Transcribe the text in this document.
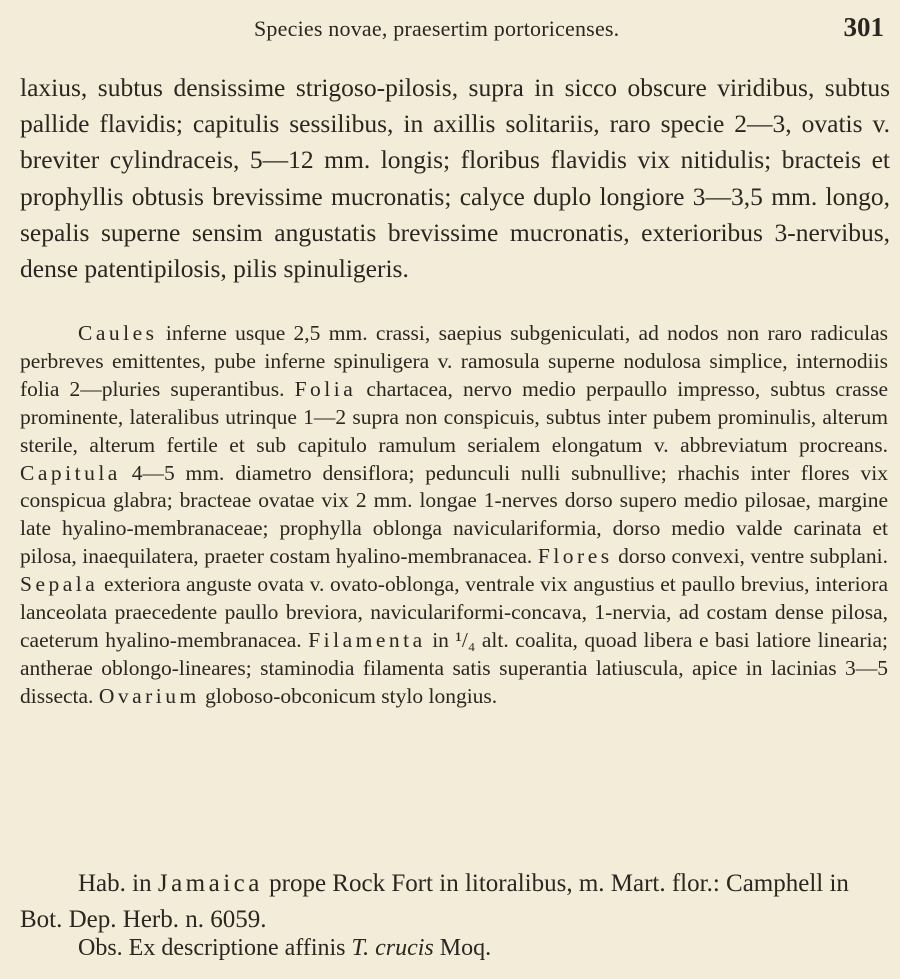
Species novae, praesertim portoricenses.	301
laxius, subtus densissime strigoso-pilosis, supra in sicco obscure viridibus, subtus pallide flavidis; capitulis sessilibus, in axillis solitariis, raro specie 2—3, ovatis v. breviter cylindraceis, 5—12 mm. longis; floribus flavidis vix nitidulis; bracteis et prophyllis obtusis brevissime mucronatis; calyce duplo longiore 3—3,5 mm. longo, sepalis superne sensim angustatis brevissime mucronatis, exterioribus 3-nervibus, dense patentipilosis, pilis spinuligeris.

Caules inferne usque 2,5 mm. crassi, saepius subgeniculati, ad nodos non raro radiculas perbreves emittentes, pube inferne spinuligera v. ramosula superne nodulosa simplice, internodiis folia 2—pluries superantibus. Folia chartacea, nervo medio perpaullo impresso, subtus crasse prominente, lateralibus utrinque 1—2 supra non conspicuis, subtus inter pubem prominulis, alterum sterile, alterum fertile et sub capitulo ramulum serialem elongatum v. abbreviatum procreans. Capitula 4—5 mm. diametro densiflora; pedunculi nulli subnullive; rhachis inter flores vix conspicua glabra; bracteae ovatae vix 2 mm. longae 1-nerves dorso supero medio pilosae, margine late hyalino-membranaceae; prophylla oblonga naviculariformia, dorso medio valde carinata et pilosa, inaequilatera, praeter costam hyalino-membranacea. Flores dorso convexi, ventre subplani. Sepala exteriora anguste ovata v. ovato-oblonga, ventrale vix angustius et paullo brevius, interiora lanceolata praecedente paullo breviora, naviculariformi-concava, 1-nervia, ad costam dense pilosa, caeterum hyalino-membranacea. Filamenta in ¹/₄ alt. coalita, quoad libera e basi latiore linearia; antherae oblongo-lineares; staminodia filamenta satis superantia latiuscula, apice in lacinias 3—5 dissecta. Ovarium globoso-obconicum stylo longius.

Hab. in Jamaica prope Rock Fort in litoralibus, m. Mart. flor.: Camphell in Bot. Dep. Herb. n. 6059.

Obs. Ex descriptione affinis T. crucis Moq.
